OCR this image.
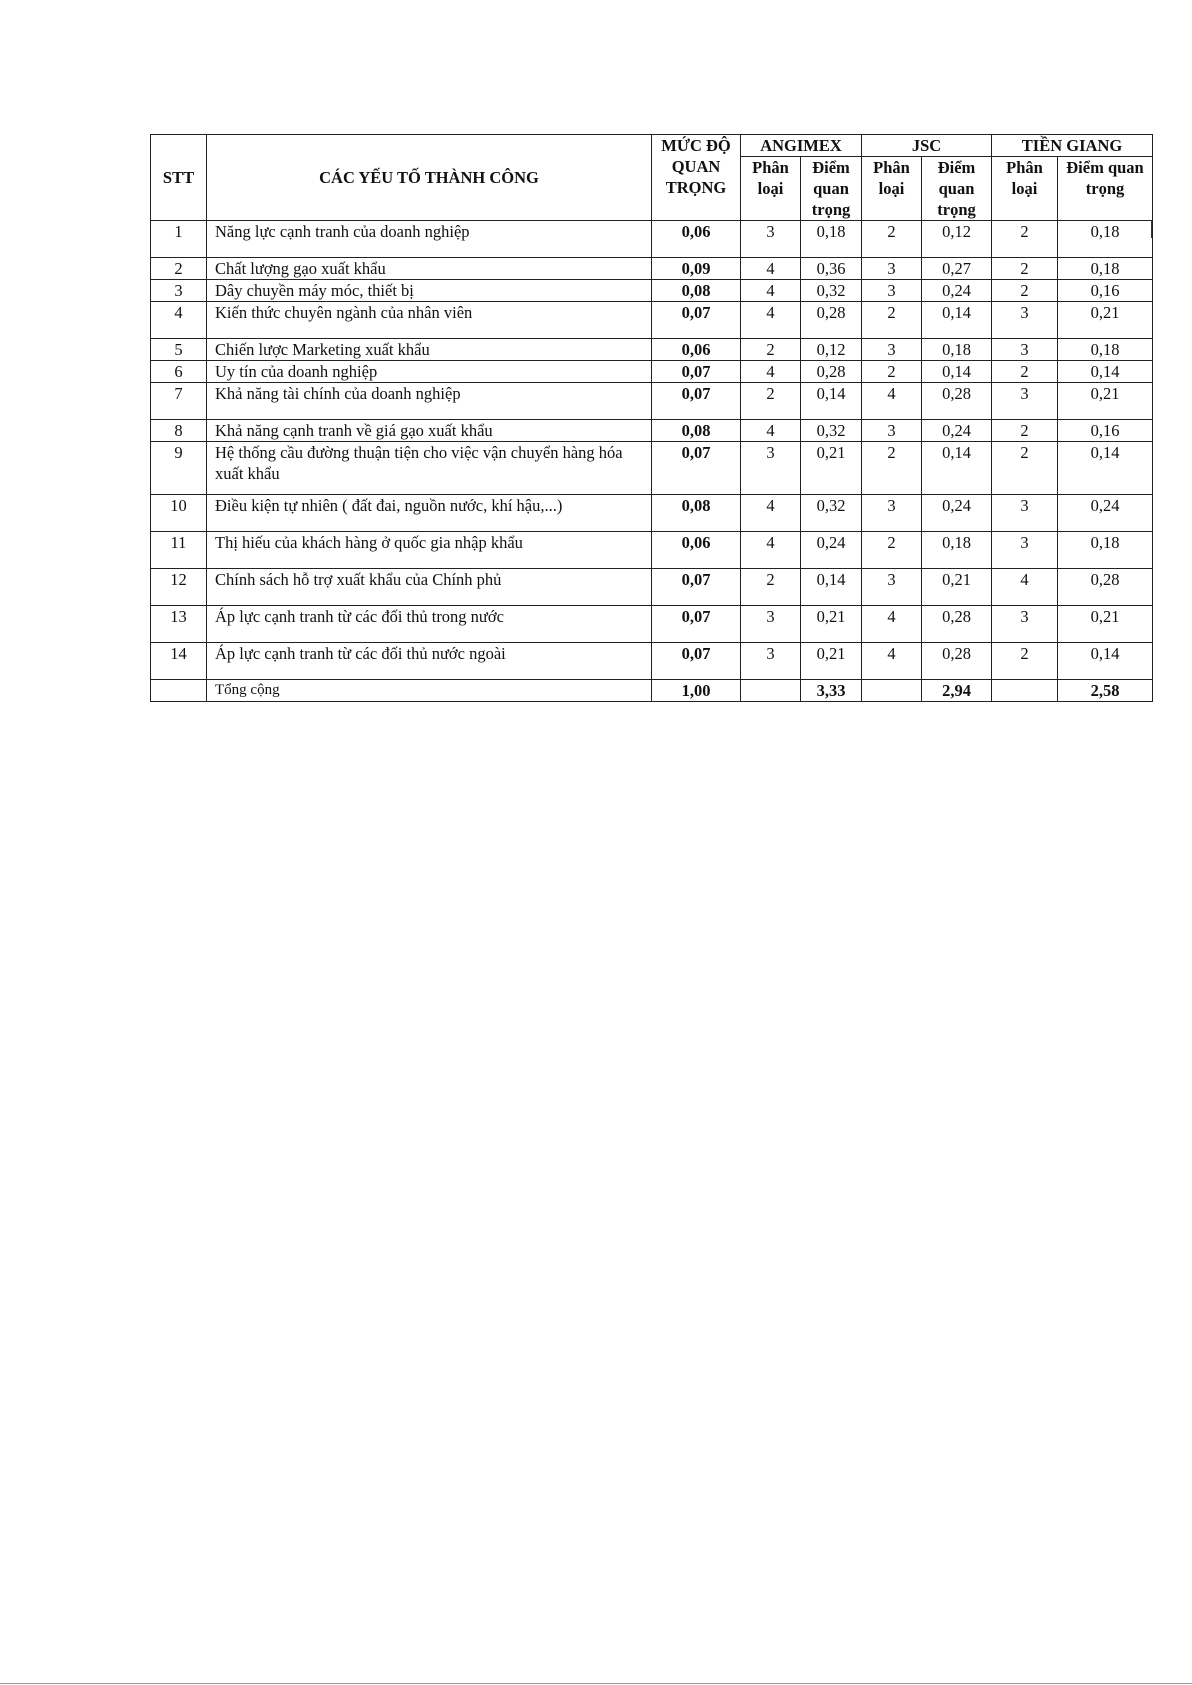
STT	CÁC YẾU TỐ THÀNH CÔNG	MỨC ĐỘ QUAN TRỌNG	ANGIMEX		JSC		TIỀN GIANG	
			Phân loại	Điểm quan trọng	Phân loại	Điểm quan trọng	Phân loại	Điểm quan trọng
1	Năng lực cạnh tranh của doanh nghiệp	0,06	3	0,18	2	0,12	2	0,18
2	Chất lượng gạo xuất khẩu	0,09	4	0,36	3	0,27	2	0,18
3	Dây chuyền máy móc, thiết bị	0,08	4	0,32	3	0,24	2	0,16
4	Kiến thức chuyên ngành của nhân viên	0,07	4	0,28	2	0,14	3	0,21
5	Chiến lược Marketing xuất khẩu	0,06	2	0,12	3	0,18	3	0,18
6	Uy tín của doanh nghiệp	0,07	4	0,28	2	0,14	2	0,14
7	Khả năng tài chính của doanh nghiệp	0,07	2	0,14	4	0,28	3	0,21
8	Khả năng cạnh tranh về giá gạo xuất khẩu	0,08	4	0,32	3	0,24	2	0,16
9	Hệ thống cầu đường thuận tiện cho việc vận chuyển hàng hóa xuất khẩu	0,07	3	0,21	2	0,14	2	0,14
10	Điều kiện tự nhiên ( đất đai, nguồn nước, khí hậu,...)	0,08	4	0,32	3	0,24	3	0,24
11	Thị hiếu của khách hàng ở quốc gia nhập khẩu	0,06	4	0,24	2	0,18	3	0,18
12	Chính sách hỗ trợ xuất khẩu của Chính phủ	0,07	2	0,14	3	0,21	4	0,28
13	Áp lực cạnh tranh từ các đối thủ trong nước	0,07	3	0,21	4	0,28	3	0,21
14	Áp lực cạnh tranh từ các đối thủ nước ngoài	0,07	3	0,21	4	0,28	2	0,14
	Tổng cộng	1,00		3,33		2,94		2,58
